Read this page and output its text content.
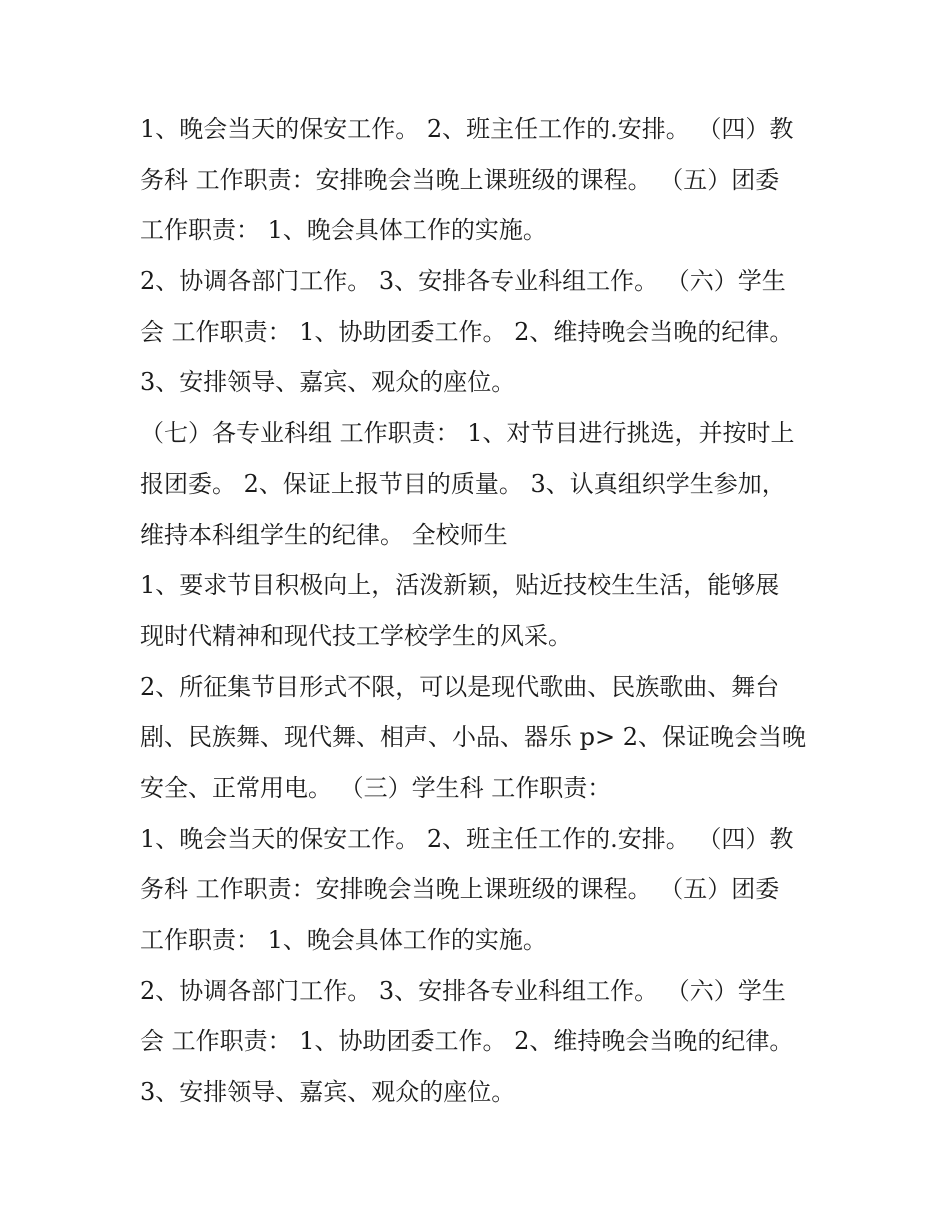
1、晚会当天的保安工作。 2、班主任工作的.安排。 （四）教
务科 工作职责：安排晚会当晚上课班级的课程。 （五）团委
工作职责： 1、晚会具体工作的实施。
2、协调各部门工作。 3、安排各专业科组工作。 （六）学生
会 工作职责： 1、协助团委工作。 2、维持晚会当晚的纪律。
3、安排领导、嘉宾、观众的座位。
（七）各专业科组 工作职责： 1、对节目进行挑选，并按时上
报团委。 2、保证上报节目的质量。 3、认真组织学生参加，
维持本科组学生的纪律。 全校师生
1、要求节目积极向上，活泼新颖，贴近技校生生活，能够展
现时代精神和现代技工学校学生的风采。
2、所征集节目形式不限，可以是现代歌曲、民族歌曲、舞台
剧、民族舞、现代舞、相声、小品、器乐 p> 2、保证晚会当晚
安全、正常用电。 （三）学生科 工作职责：
1、晚会当天的保安工作。 2、班主任工作的.安排。 （四）教
务科 工作职责：安排晚会当晚上课班级的课程。 （五）团委
工作职责： 1、晚会具体工作的实施。
2、协调各部门工作。 3、安排各专业科组工作。 （六）学生
会 工作职责： 1、协助团委工作。 2、维持晚会当晚的纪律。
3、安排领导、嘉宾、观众的座位。
